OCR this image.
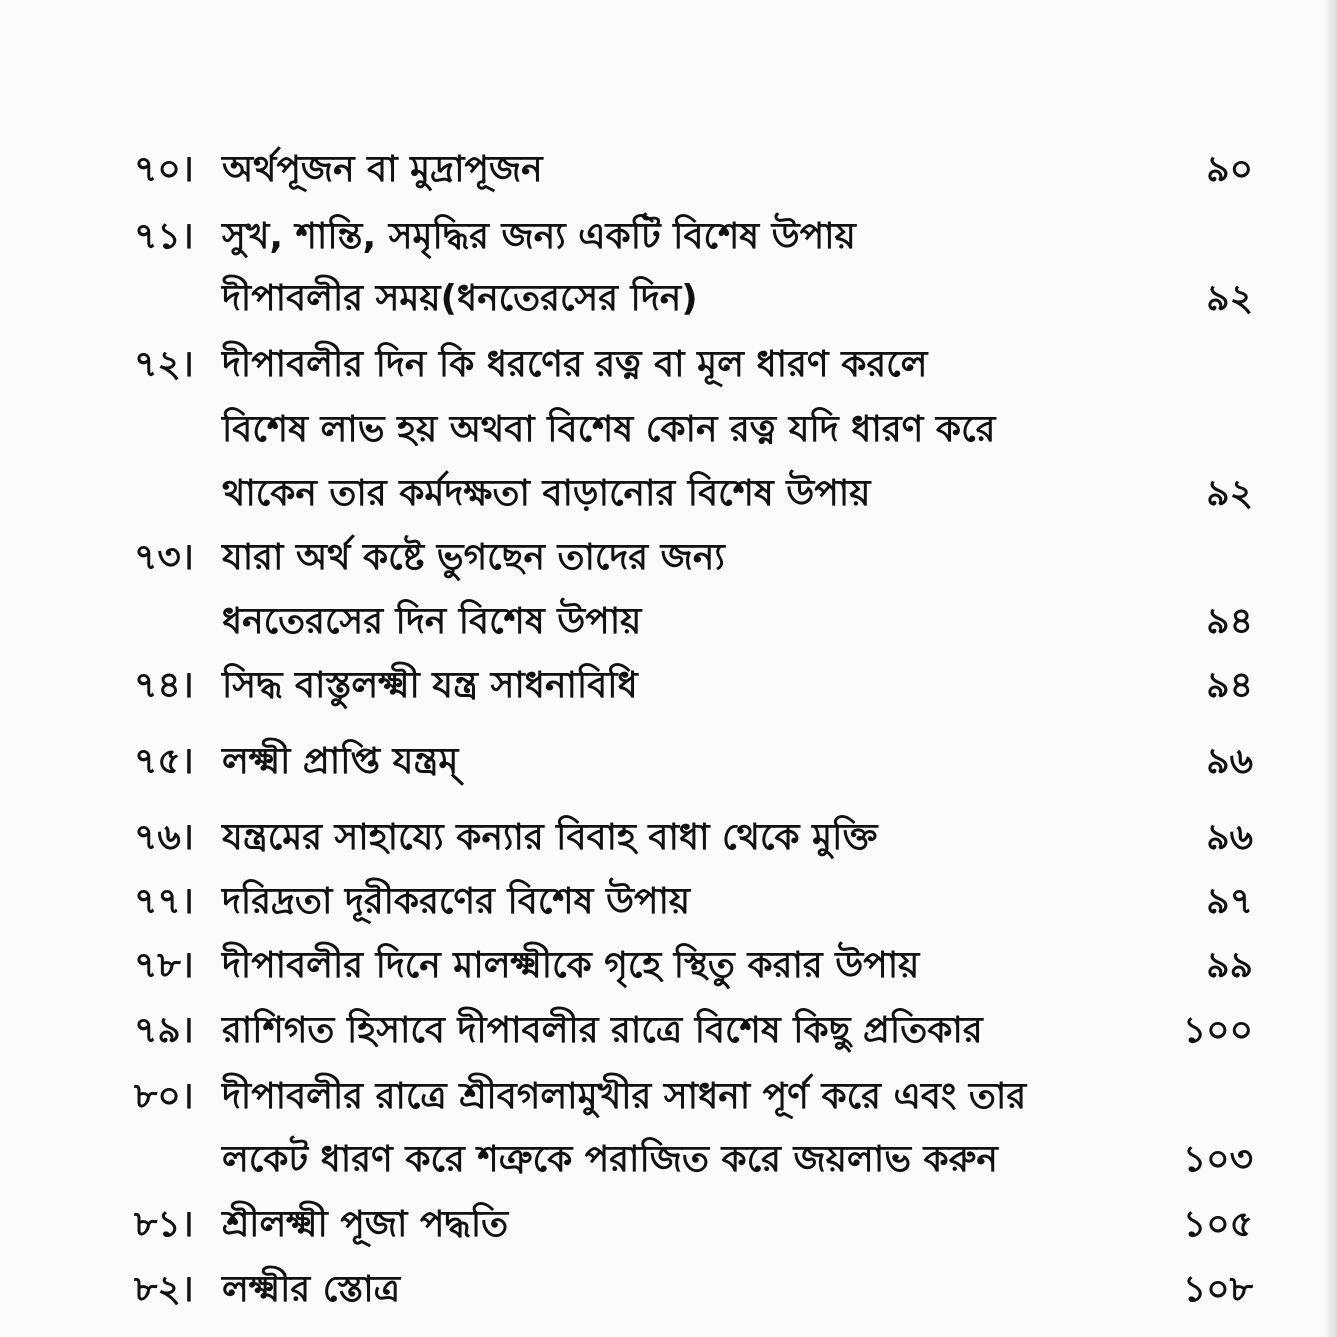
৭০। অর্থপূজন বা মুদ্রাপূজন	৯০
৭১। সুখ, শান্তি, সমৃদ্ধির জন্য একটি বিশেষ উপায়
দীপাবলীর সময়(ধনতেরসের দিন)	৯২
৭২। দীপাবলীর দিন কি ধরণের রত্ন বা মূল ধারণ করলে
বিশেষ লাভ হয় অথবা বিশেষ কোন রত্ন যদি ধারণ করে
থাকেন তার কর্মদক্ষতা বাড়ানোর বিশেষ উপায়	৯২
৭৩। যারা অর্থ কষ্টে ভুগছেন তাদের জন্য
ধনতেরসের দিন বিশেষ উপায়	৯৪
৭৪। সিদ্ধ বাস্তুলক্ষ্মী যন্ত্র সাধনাবিধি	৯৪
৭৫। লক্ষ্মী প্রাপ্তি যন্ত্রম্	৯৬
৭৬। যন্ত্রমের সাহায্যে কন্যার বিবাহ বাধা থেকে মুক্তি	৯৬
৭৭। দরিদ্রতা দূরীকরণের বিশেষ উপায়	৯৭
৭৮। দীপাবলীর দিনে মালক্ষ্মীকে গৃহে স্থিতু করার উপায়	৯৯
৭৯। রাশিগত হিসাবে দীপাবলীর রাত্রে বিশেষ কিছু প্রতিকার	১০০
৮০। দীপাবলীর রাত্রে শ্রীবগলামুখীর সাধনা পূর্ণ করে এবং তার
লকেট ধারণ করে শত্রুকে পরাজিত করে জয়লাভ করুন	১০৩
৮১। শ্রীলক্ষ্মী পূজা পদ্ধতি	১০৫
৮২। লক্ষ্মীর স্তোত্র	১০৮
